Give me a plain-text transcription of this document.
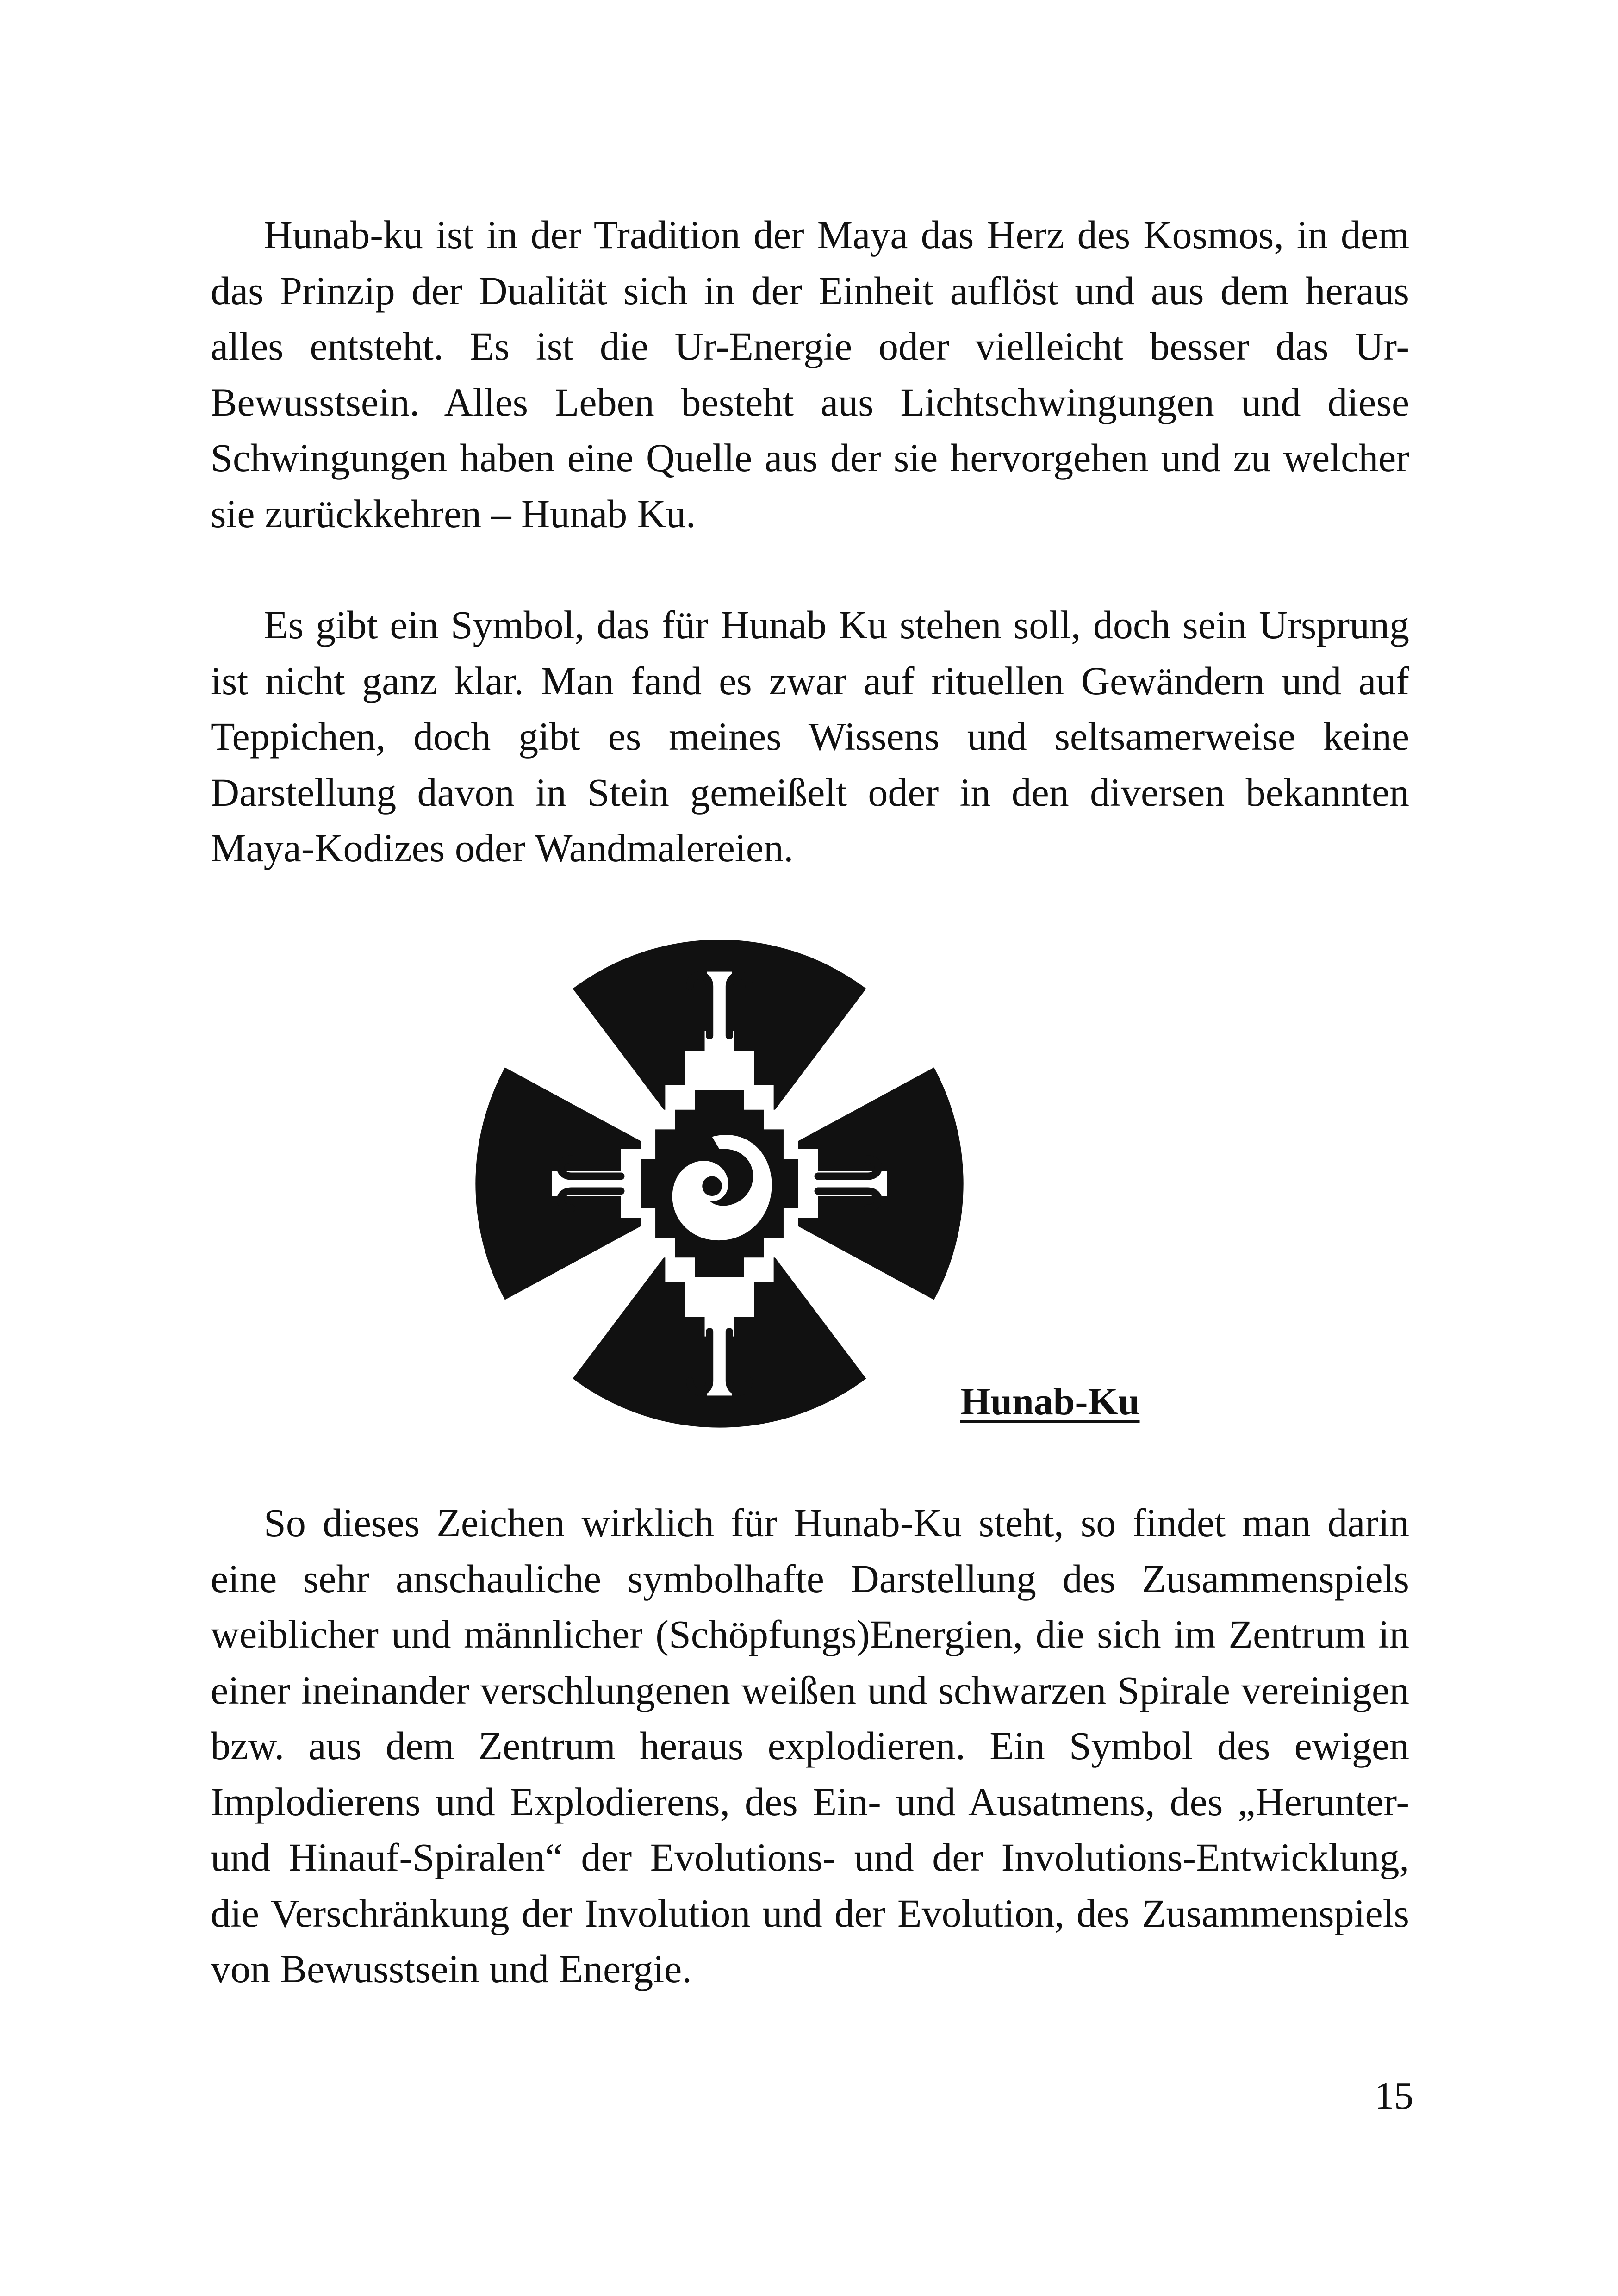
Hunab-ku ist in der Tradition der Maya das Herz des Kosmos, in dem das Prinzip der Dualität sich in der Einheit auflöst und aus dem heraus alles entsteht. Es ist die Ur-Energie oder vielleicht besser das Ur-Bewusstsein. Alles Leben besteht aus Lichtschwingungen und diese Schwingungen haben eine Quelle aus der sie hervorgehen und zu welcher sie zurückkehren – Hunab Ku.

Es gibt ein Symbol, das für Hunab Ku stehen soll, doch sein Ursprung ist nicht ganz klar. Man fand es zwar auf rituellen Gewändern und auf Teppichen, doch gibt es meines Wissens und seltsamerweise keine Darstellung davon in Stein gemeißelt oder in den diversen bekannten Maya-Kodizes oder Wandmalereien.

Hunab-Ku

So dieses Zeichen wirklich für Hunab-Ku steht, so findet man darin eine sehr anschauliche symbolhafte Darstellung des Zusammenspiels weiblicher und männlicher (Schöpfungs)Energien, die sich im Zentrum in einer ineinander verschlungenen weißen und schwarzen Spirale vereinigen bzw. aus dem Zentrum heraus explodieren. Ein Symbol des ewigen Implodierens und Explodierens, des Ein- und Ausatmens, des „Herunter- und Hinauf-Spiralen“ der Evolutions- und der Involutions-Entwicklung, die Verschränkung der Involution und der Evolution, des Zusammenspiels von Bewusstsein und Energie.

15
